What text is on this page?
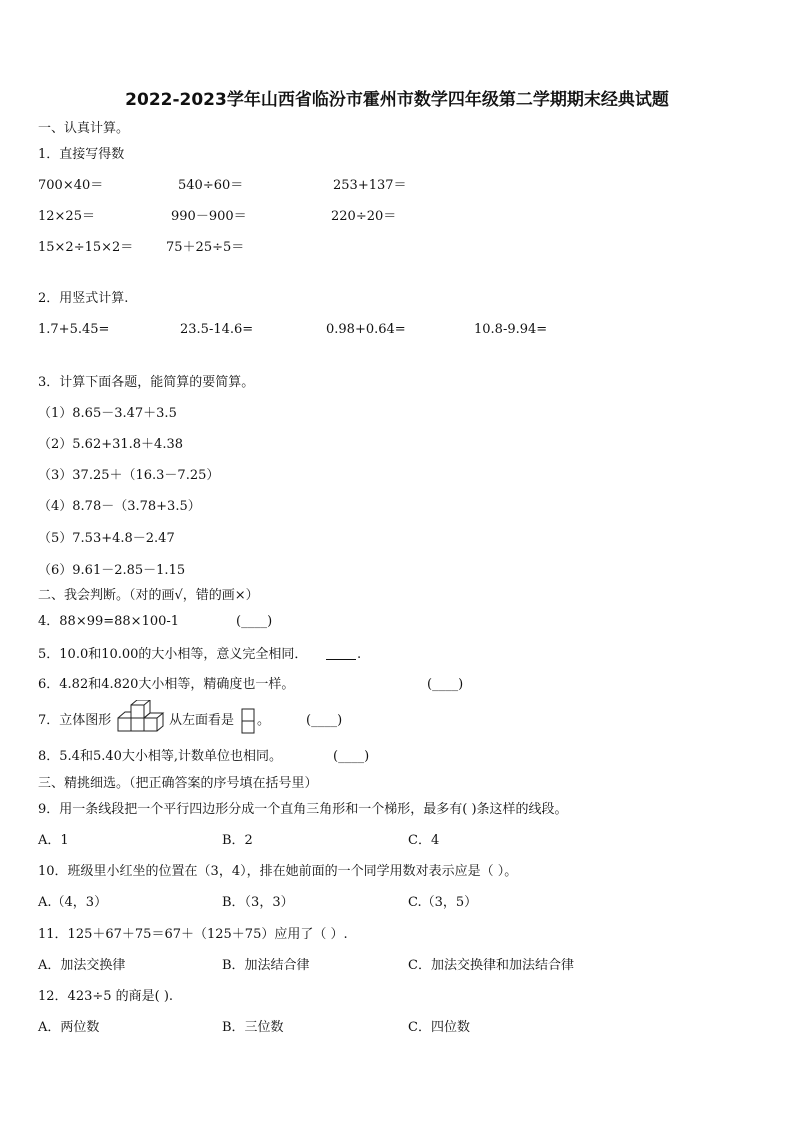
2022-2023学年山西省临汾市霍州市数学四年级第二学期期末经典试题
一、认真计算。
1．直接写得数
700×40＝	540÷60＝	253+137＝
12×25＝	990－900＝	220÷20＝
15×2÷15×2＝	75＋25÷5＝
2．用竖式计算.
1.7+5.45=	23.5-14.6=	0.98+0.64=	10.8-9.94=
3．计算下面各题，能简算的要简算。
（1）8.65－3.47＋3.5
（2）5.62+31.8＋4.38
（3）37.25＋（16.3－7.25）
（4）8.78－（3.78+3.5）
（5）7.53+4.8－2.47
（6）9.61－2.85－1.15
二、我会判断。（对的画√，错的画×）
4．88×99=88×100-1	(____)
5．10.0和10.00的大小相等，意义完全相同．	.
6．4.82和4.820大小相等，精确度也一样。	(____)
7．立体图形	从左面看是 。	(____)
8．5.4和5.40大小相等,计数单位也相同。	(____)
三、精挑细选。（把正确答案的序号填在括号里）
9．用一条线段把一个平行四边形分成一个直角三角形和一个梯形，最多有( )条这样的线段。
A．1	B．2	C．4
10．班级里小红坐的位置在（3，4），排在她前面的一个同学用数对表示应是（ ）。
A.（4，3）	B．（3，3）	C.（3，5）
11．125＋67＋75＝67＋（125＋75）应用了（ ）.
A．加法交换律	B．加法结合律	C．加法交换律和加法结合律
12．423÷5 的商是( ).
A．两位数	B．三位数	C．四位数
